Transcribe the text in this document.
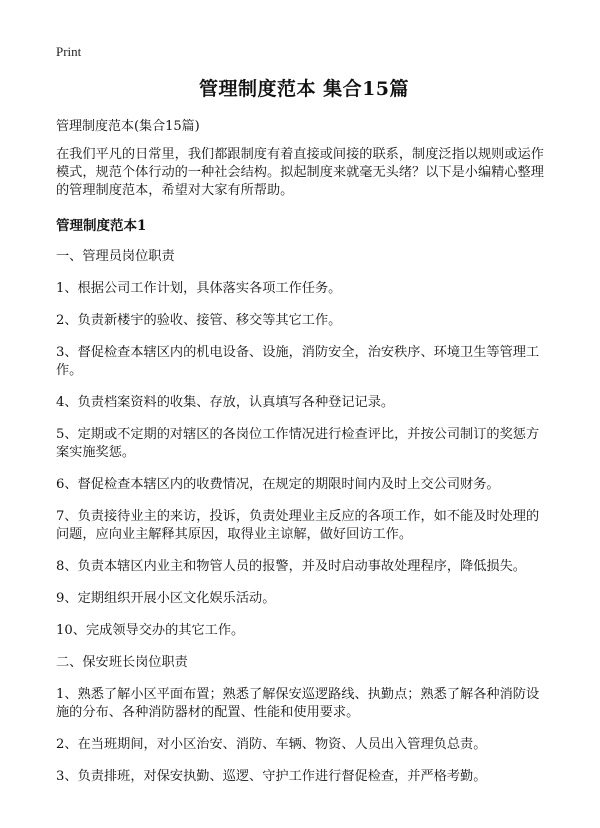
Print
管理制度范本 集合15篇
管理制度范本(集合15篇)

在我们平凡的日常里，我们都跟制度有着直接或间接的联系，制度泛指以规则或运作模式，规范个体行动的一种社会结构。拟起制度来就毫无头绪？以下是小编精心整理的管理制度范本，希望对大家有所帮助。

管理制度范本1
一、管理员岗位职责

1、根据公司工作计划，具体落实各项工作任务。

2、负责新楼宇的验收、接管、移交等其它工作。

3、督促检查本辖区内的机电设备、设施，消防安全，治安秩序、环境卫生等管理工作。

4、负责档案资料的收集、存放，认真填写各种登记记录。

5、定期或不定期的对辖区的各岗位工作情况进行检查评比，并按公司制订的奖惩方案实施奖惩。

6、督促检查本辖区内的收费情况，在规定的期限时间内及时上交公司财务。

7、负责接待业主的来访，投诉，负责处理业主反应的各项工作，如不能及时处理的问题，应向业主解释其原因，取得业主谅解，做好回访工作。

8、负责本辖区内业主和物管人员的报警，并及时启动事故处理程序，降低损失。

9、定期组织开展小区文化娱乐活动。

10、完成领导交办的其它工作。

二、保安班长岗位职责

1、熟悉了解小区平面布置；熟悉了解保安巡逻路线、执勤点；熟悉了解各种消防设施的分布、各种消防器材的配置、性能和使用要求。

2、在当班期间，对小区治安、消防、车辆、物资、人员出入管理负总责。

3、负责排班，对保安执勤、巡逻、守护工作进行督促检查，并严格考勤。
